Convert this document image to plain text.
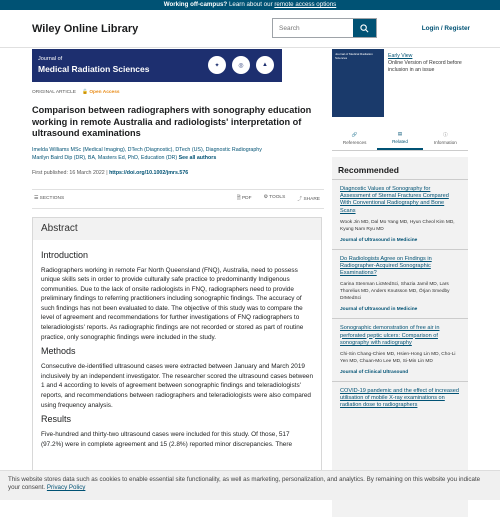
Working off-campus? Learn about our remote access options
Wiley Online Library
Search	Login / Register
Journal of
Medical Radiation Sciences	✦	◎	▲
ORIGINAL ARTICLE 🔓 Open Access
Comparison between radiographers with sonography education working in remote Australia and radiologists' interpretation of ultrasound examinations
Imelda Williams MSc (Medical Imaging), DTech (Diagnostic), DTech (US), Diagnostic Radiography
Marilyn Baird Dip (DR), BA, Masters Ed, PhD, Education (DR) See all authors
First published: 16 March 2022 | https://doi.org/10.1002/jmrs.576
☰ SECTIONS	🗎 PDF	⚙ TOOLS	⤴ SHARE
Abstract
Introduction

Radiographers working in remote Far North Queensland (FNQ), Australia, need to possess unique skills sets in order to provide culturally safe practice to predominantly Indigenous communities. Due to the lack of onsite radiologists in FNQ, radiographers need to provide preliminary findings to referring practitioners including sonographic findings. The accuracy of such findings has not been evaluated to date. The objective of this study was to compare the level of agreement and recommendations for further investigations of FNQ radiographers to teleradiologists' reports. As radiographic findings are not recorded or stored as part of routine practice, only sonographic findings were included in the study.

Methods

Consecutive de-identified ultrasound cases were extracted between January and March 2019 inclusively by an independent investigator. The researcher scored the ultrasound cases between 1 and 4 according to levels of agreement between sonographic findings and teleradiologists' reports, and recommendations between radiographers and teleradiologists were also compared using frequency analysis.

Results

Five-hundred and thirty-two ultrasound cases were included for this study. Of those, 517 (97.2%) were in complete agreement and 15 (2.8%) reported minor discrepancies. There

Journal of Medical Radiation Sciences	Early View
Online Version of Record before inclusion in an issue
🔗
References
▤
Related
ⓘ
Information
Recommended
Diagnostic Values of Sonography for Assessment of Sternal Fractures Compared With Conventional Radiography and Bone Scans
Wook Jin MD, Dal Mo Yang MD, Hyun Cheol Kim MD, Kyung Nam Ryu MD
Journal of Ultrasound in Medicine
Do Radiologists Agree on Findings in Radiographer-Acquired Sonographic Examinations?
Carina Stenman LicMedSci, Shazia Jamil MD, Lars Thorelius MD, Anders Knutsson MD, Örjan Smedby DrMedSci
Journal of Ultrasound in Medicine
Sonographic demonstration of free air in perforated peptic ulcers: Comparison of sonography with radiography
Chi-Sin Chang-Chien MD, Hsien-Hong Lin MD, Cho-Li Yen MD, Chuan-Mo Lee MD, Si-Min Lin MD
Journal of Clinical Ultrasound
COVID-19 pandemic and the effect of increased utilisation of mobile X-ray examinations on radiation dose to radiographers
This website stores data such as cookies to enable essential site functionality, as well as marketing, personalization, and analytics. By remaining on this website you indicate your consent. Privacy Policy
